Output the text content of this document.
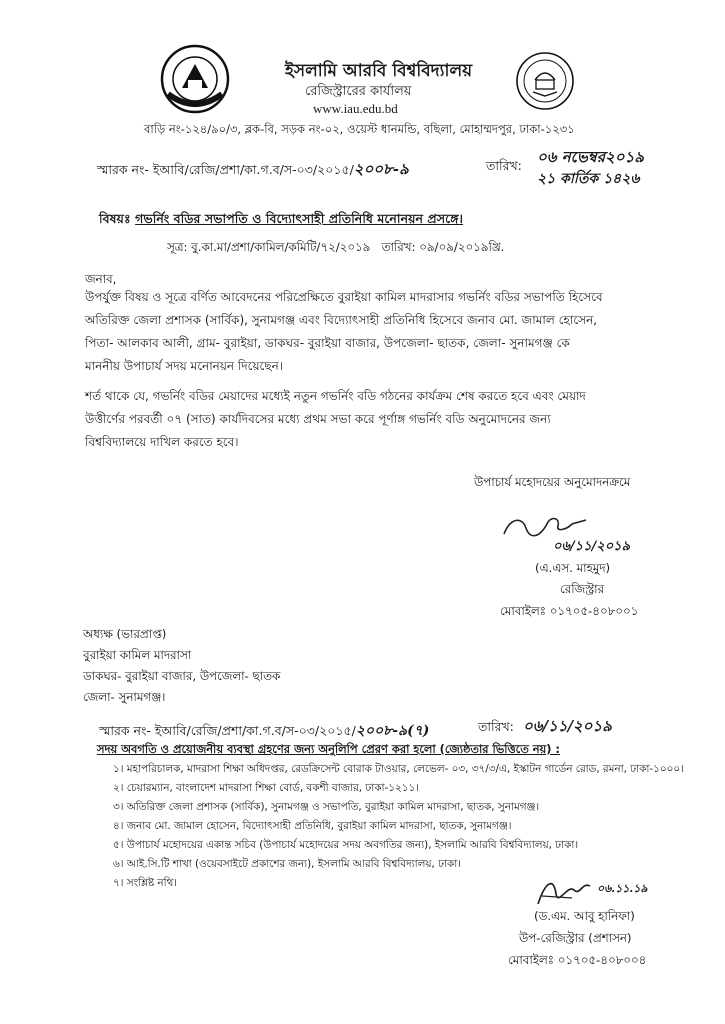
ইসলামি আরবি বিশ্ববিদ্যালয়
রেজিস্ট্রারের কার্যালয়
www.iau.edu.bd
বাড়ি নং-১২৪/৯০/৩, ব্লক-বি, সড়ক নং-০২, ওয়েস্ট ধানমন্ডি, বছিলা, মোহাম্মদপুর, ঢাকা-১২৩১
স্মারক নং- ইআবি/রেজি/প্রশা/কা.গ.ব/স-০৩/২০১৫/২০০৮-৯	তারিখ: ০৬ নভেম্বর২০১৯
২১ কার্তিক ১৪২৬
বিষয়ঃ গভর্নিং বডির সভাপতি ও বিদ্যোৎসাহী প্রতিনিধি মনোনয়ন প্রসঙ্গে।
সূত্র: বু.কা.মা/প্রশা/কামিল/কমিটি/৭২/২০১৯ তারিখ: ০৯/০৯/২০১৯খ্রি.
জনাব,
উপর্যুক্ত বিষয় ও সূত্রে বর্ণিত আবেদনের পরিপ্রেক্ষিতে বুরাইয়া কামিল মাদরাসার গভর্নিং বডির সভাপতি হিসেবে
অতিরিক্ত জেলা প্রশাসক (সার্বিক), সুনামগঞ্জ এবং বিদ্যোৎসাহী প্রতিনিধি হিসেবে জনাব মো. জামাল হোসেন,
পিতা- আলকাব আলী, গ্রাম- বুরাইয়া, ডাকঘর- বুরাইয়া বাজার, উপজেলা- ছাতক, জেলা- সুনামগঞ্জ কে
মাননীয় উপাচার্য সদয় মনোনয়ন দিয়েছেন।
শর্ত থাকে যে, গভর্নিং বডির মেয়াদের মধ্যেই নতুন গভর্নিং বডি গঠনের কার্যক্রম শেষ করতে হবে এবং মেয়াদ
উত্তীর্ণের পরবর্তী ০৭ (সাত) কার্যদিবসের মধ্যে প্রথম সভা করে পূর্ণাঙ্গ গভর্নিং বডি অনুমোদনের জন্য
বিশ্ববিদ্যালয়ে দাখিল করতে হবে।
উপাচার্য মহোদয়ের অনুমোদনক্রমে
০৬/১১/২০১৯
(এ.এস. মাহমুদ)
রেজিস্ট্রার
মোবাইলঃ ০১৭০৫-৪০৮০০১
অধ্যক্ষ (ভারপ্রাপ্ত)
বুরাইয়া কামিল মাদরাসা
ডাকঘর- বুরাইয়া বাজার, উপজেলা- ছাতক
জেলা- সুনামগঞ্জ।
স্মারক নং- ইআবি/রেজি/প্রশা/কা.গ.ব/স-০৩/২০১৫/২০০৮-৯(৭)	তারিখ: ০৬/১১/২০১৯
সদয় অবগতি ও প্রয়োজনীয় ব্যবস্থা গ্রহণের জন্য অনুলিপি প্রেরণ করা হলো (জ্যেষ্ঠতার ভিত্তিতে নয়) :
১। মহাপরিচালক, মাদরাসা শিক্ষা অধিদপ্তর, রেডক্রিসেন্ট বোরাক টাওয়ার, লেভেল- ০৩, ৩৭/৩/এ, ইস্কাটন গার্ডেন রোড, রমনা, ঢাকা-১০০০।
২। চেয়ারম্যান, বাংলাদেশ মাদরাসা শিক্ষা বোর্ড, বকশী বাজার, ঢাকা-১২১১।
৩। অতিরিক্ত জেলা প্রশাসক (সার্বিক), সুনামগঞ্জ ও সভাপতি, বুরাইয়া কামিল মাদরাসা, ছাতক, সুনামগঞ্জ।
৪। জনাব মো. জামাল হোসেন, বিদ্যোৎসাহী প্রতিনিধি, বুরাইয়া কামিল মাদরাসা, ছাতক, সুনামগঞ্জ।
৫। উপাচার্য মহোদয়ের একান্ত সচিব (উপাচার্য মহোদয়ের সদয় অবগতির জন্য), ইসলামি আরবি বিশ্ববিদ্যালয়, ঢাকা।
৬। আই.সি.টি শাখা (ওয়েবসাইটে প্রকাশের জন্য), ইসলামি আরবি বিশ্ববিদ্যালয়, ঢাকা।
৭। সংশ্লিষ্ট নথি।	০৬.১১.১৯
(ড.এম. আবু হানিফা)
উপ-রেজিস্ট্রার (প্রশাসন)
মোবাইলঃ ০১৭০৫-৪০৮০০৪
